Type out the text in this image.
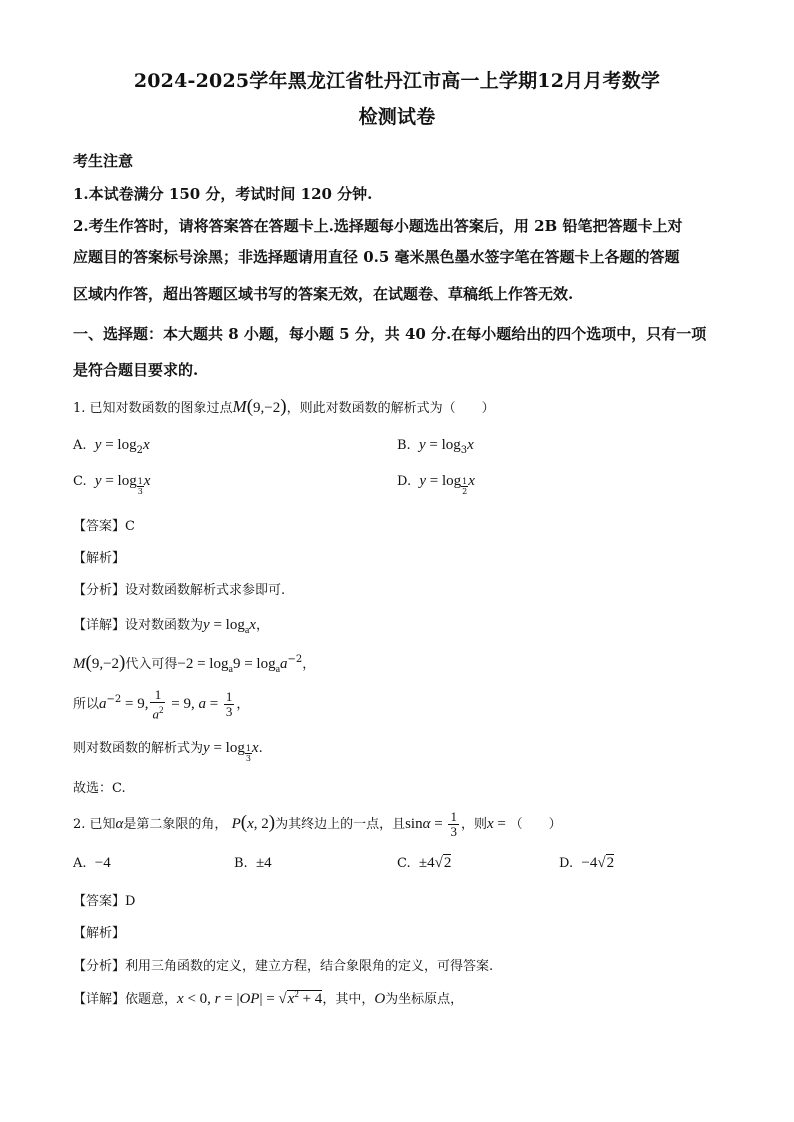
2024-2025学年黑龙江省牡丹江市高一上学期12月月考数学
检测试卷
考生注意
1.本试卷满分 150 分，考试时间 120 分钟.
2.考生作答时，请将答案答在答题卡上.选择题每小题选出答案后，用 2B 铅笔把答题卡上对
应题目的答案标号涂黑；非选择题请用直径 0.5 毫米黑色墨水签字笔在答题卡上各题的答题
区域内作答，超出答题区域书写的答案无效，在试题卷、草稿纸上作答无效.
一、选择题：本大题共 8 小题，每小题 5 分，共 40 分.在每小题给出的四个选项中，只有一项
是符合题目要求的.
1. 已知对数函数的图象过点M(9,−2)，则此对数函数的解析式为（　　）
A. $y = \log_2x$	B. $y = \log_3x$
C. $y = \log \frac{1}{3}$ x	D. $y = \log \frac{1}{2}$ x
【答案】C
【解析】
【分析】设对数函数解析式求参即可.
【详解】设对数函数为$y = \log_ax$，
M(9,−2)代入可得$-2 = \log_a9 = \log_aa^{-2}$，
所以$a^{-2} = 9$, $\frac{1}{a^2} = 9$, $a = \frac{1}{3}$ ，
则对数函数的解析式为$y = \log \frac{1}{3} x$.
故选：C.
2. 已知α是第二象限的角， P(x, 2)为其终边上的一点，且$\sin\alpha = \frac{1}{3}$ ，则x = （　　）
A. −4	B. ±4	C. ±4√2	D. −4√2
【答案】D
【解析】
【分析】利用三角函数的定义，建立方程，结合象限角的定义，可得答案.
【详解】依题意，x < 0, $r = |OP| = √x^2 + 4$，其中，O为坐标原点，
